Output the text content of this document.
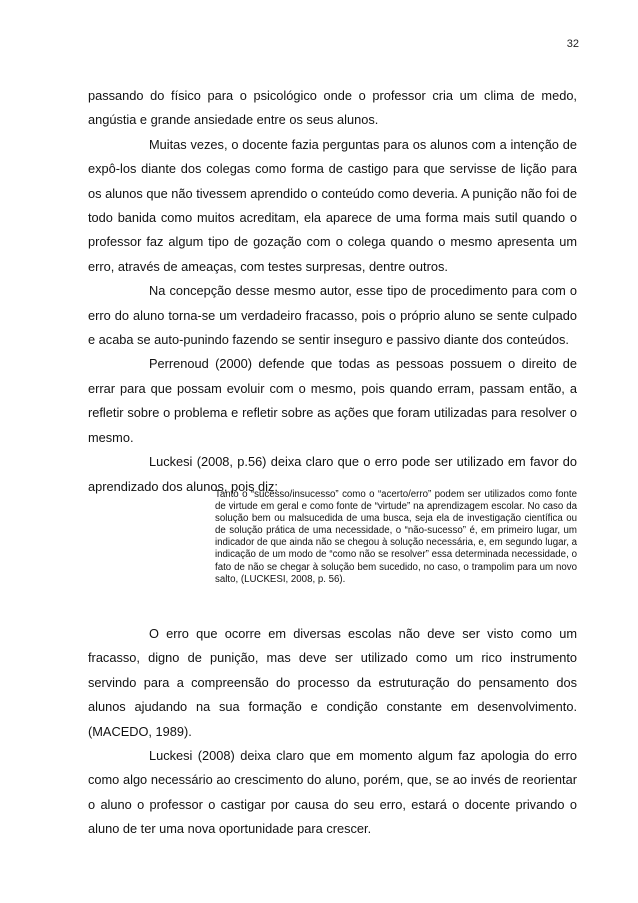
32

passando do físico para o psicológico onde o professor cria um clima de medo, angústia e grande ansiedade entre os seus alunos.

Muitas vezes, o docente fazia perguntas para os alunos com a intenção de expô-los diante dos colegas como forma de castigo para que servisse de lição para os alunos que não tivessem aprendido o conteúdo como deveria. A punição não foi de todo banida como muitos acreditam, ela aparece de uma forma mais sutil quando o professor faz algum tipo de gozação com o colega quando o mesmo apresenta um erro, através de ameaças, com testes surpresas, dentre outros.

Na concepção desse mesmo autor, esse tipo de procedimento para com o erro do aluno torna-se um verdadeiro fracasso, pois o próprio aluno se sente culpado e acaba se auto-punindo fazendo se sentir inseguro e passivo diante dos conteúdos.

Perrenoud (2000) defende que todas as pessoas possuem o direito de errar para que possam evoluir com o mesmo, pois quando erram, passam então, a refletir sobre o problema e refletir sobre as ações que foram utilizadas para resolver o mesmo.

Luckesi (2008, p.56) deixa claro que o erro pode ser utilizado em favor do aprendizado dos alunos, pois diz:

Tanto o “sucesso/insucesso” como o “acerto/erro” podem ser utilizados como fonte de virtude em geral e como fonte de “virtude” na aprendizagem escolar. No caso da solução bem ou malsucedida de uma busca, seja ela de investigação científica ou de solução prática de uma necessidade, o “não-sucesso” é, em primeiro lugar, um indicador de que ainda não se chegou à solução necessária, e, em segundo lugar, a indicação de um modo de “como não se resolver” essa determinada necessidade, o fato de não se chegar à solução bem sucedido, no caso, o trampolim para um novo salto, (LUCKESI, 2008, p. 56).

O erro que ocorre em diversas escolas não deve ser visto como um fracasso, digno de punição, mas deve ser utilizado como um rico instrumento servindo para a compreensão do processo da estruturação do pensamento dos alunos ajudando na sua formação e condição constante em desenvolvimento. (MACEDO, 1989).

Luckesi (2008) deixa claro que em momento algum faz apologia do erro como algo necessário ao crescimento do aluno, porém, que, se ao invés de reorientar o aluno o professor o castigar por causa do seu erro, estará o docente privando o aluno de ter uma nova oportunidade para crescer.
